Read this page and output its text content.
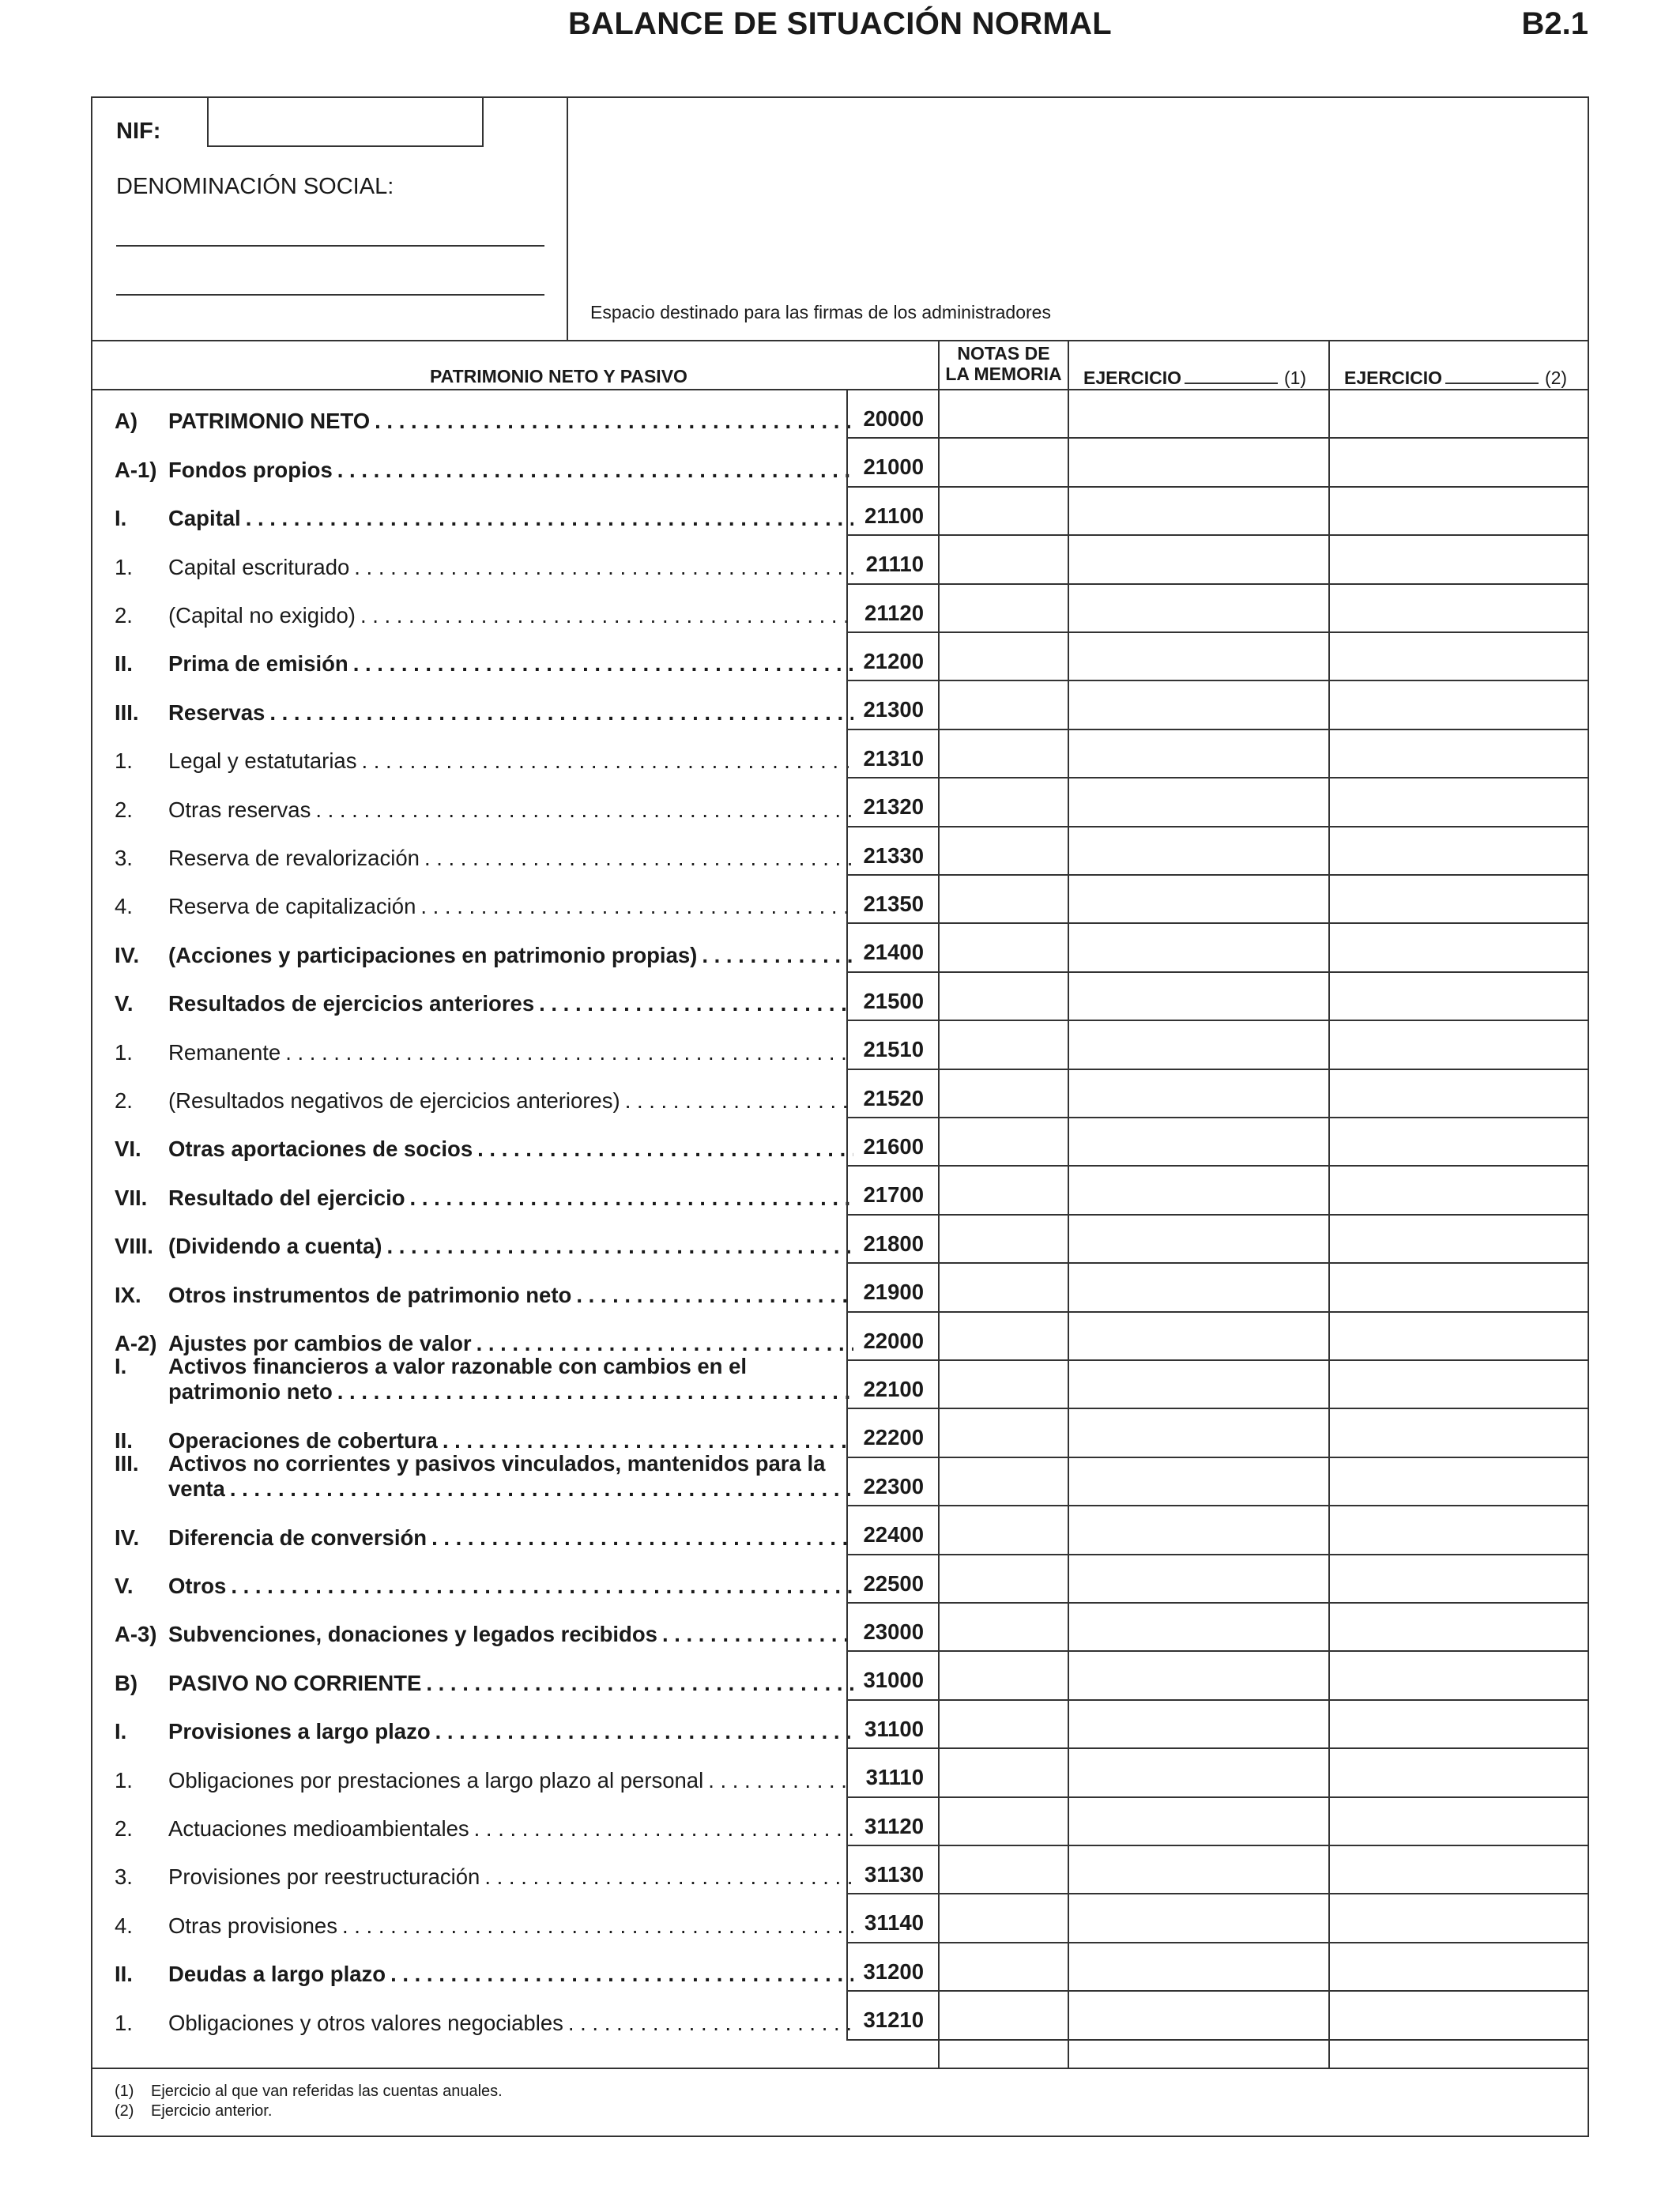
BALANCE DE SITUACIÓN NORMAL	B2.1
NIF:
DENOMINACIÓN SOCIAL:
Espacio destinado para las firmas de los administradores
PATRIMONIO NETO Y PASIVO
NOTAS DE
LA MEMORIA	EJERCICIO	(1)	EJERCICIO	(2)
A)	PATRIMONIO NETO . . .	20000
A-1) Fondos propios . . .	21000
I.	Capital . . .	21100
1.	Capital escriturado . . .	21110
2.	(Capital no exigido) . . .	21120
II.	Prima de emisión . . .	21200
III.	Reservas . . .	21300
1.	Legal y estatutarias . . .	21310
2.	Otras reservas . . .	21320
3.	Reserva de revalorización . . .	21330
4.	Reserva de capitalización . . .	21350
IV.	(Acciones y participaciones en patrimonio propias) . . .	21400
V.	Resultados de ejercicios anteriores . . .	21500
1.	Remanente . . .	21510
2.	(Resultados negativos de ejercicios anteriores) . . .	21520
VI.	Otras aportaciones de socios . . .	21600
VII. Resultado del ejercicio . . .	21700
VIII. (Dividendo a cuenta) . . .	21800
IX.	Otros instrumentos de patrimonio neto . . .	21900
A-2) Ajustes por cambios de valor . . .	22000
I.	Activos financieros a valor razonable con cambios en el
patrimonio neto . . .	22100
II.	Operaciones de cobertura . . .	22200
III.	Activos no corrientes y pasivos vinculados, mantenidos para la
venta . . .	22300
IV.	Diferencia de conversión . . .	22400
V.	Otros . . .	22500
A-3) Subvenciones, donaciones y legados recibidos . . .	23000
B)	PASIVO NO CORRIENTE . . .	31000
I.	Provisiones a largo plazo . . .	31100
1.	Obligaciones por prestaciones a largo plazo al personal . . .	31110
2.	Actuaciones medioambientales . . .	31120
3.	Provisiones por reestructuración . . .	31130
4.	Otras provisiones . . .	31140
II.	Deudas a largo plazo . . .	31200
1.	Obligaciones y otros valores negociables . . .	31210
(1) Ejercicio al que van referidas las cuentas anuales.
(2) Ejercicio anterior.
